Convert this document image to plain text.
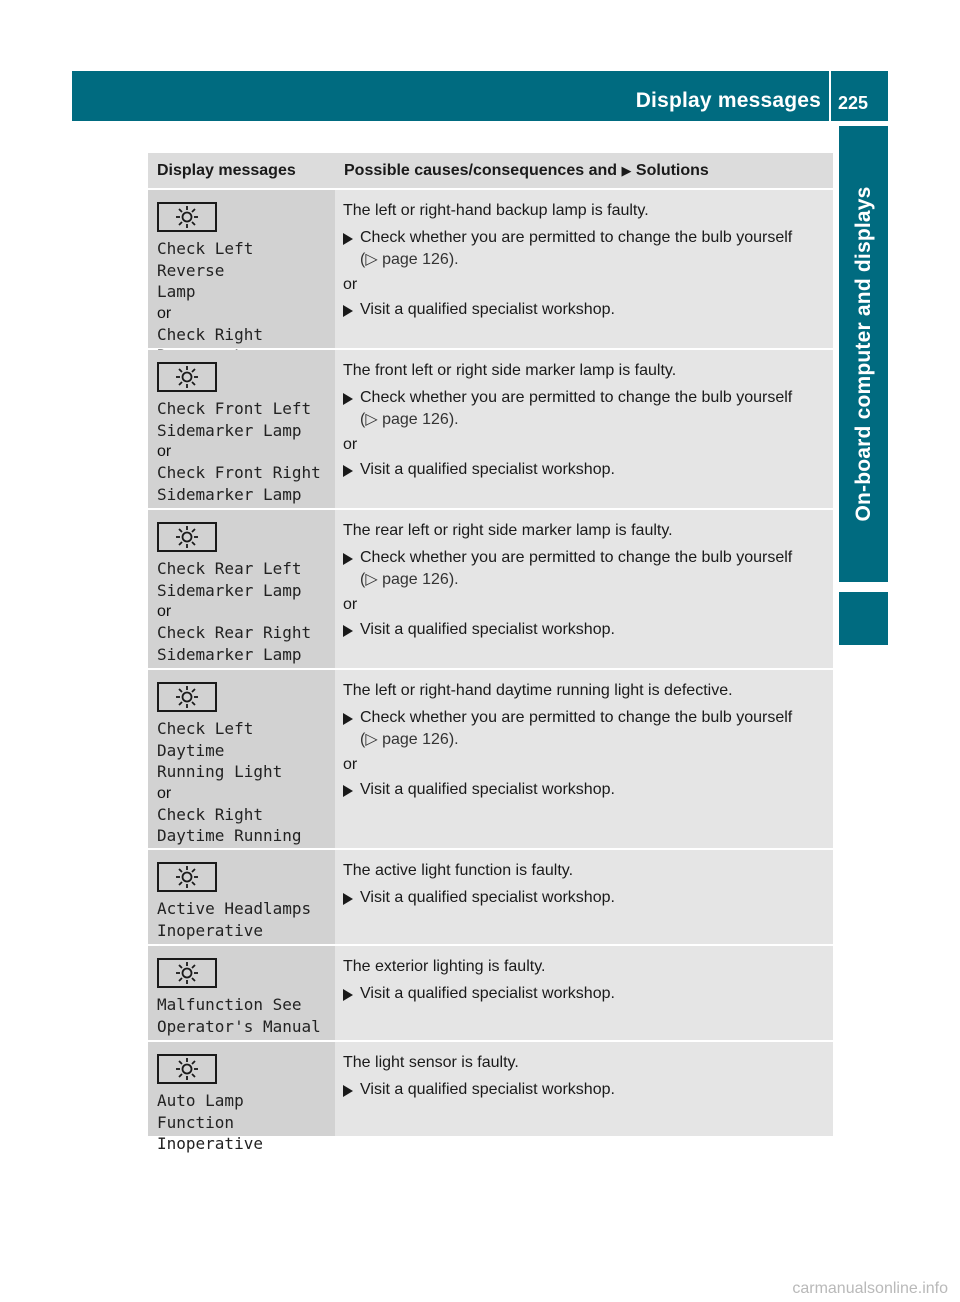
Display messages 225
On-board computer and displays
Display messages	Possible causes/consequences and ▶ Solutions
Check Left Reverse
Lamp
or
Check Right

The left or right-hand backup lamp is faulty.
Check whether you are permitted to change the bulb yourself
(▷ page 126).
or
Visit a qualified specialist workshop.
Check Front Left
Sidemarker Lamp
or
Check Front Right
Sidemarker Lamp
The front left or right side marker lamp is faulty.
Check whether you are permitted to change the bulb yourself
(▷ page 126).
or
Visit a qualified specialist workshop.
Check Rear Left
Sidemarker Lamp
or
Check Rear Right
Sidemarker Lamp
The rear left or right side marker lamp is faulty.
Check whether you are permitted to change the bulb yourself
(▷ page 126).
or
Visit a qualified specialist workshop.
Check Left Daytime
Running Light
or
Check Right
Daytime Running

The left or right-hand daytime running light is defective.
Check whether you are permitted to change the bulb yourself
(▷ page 126).
or
Visit a qualified specialist workshop.
Active Headlamps
Inoperative
The active light function is faulty.
Visit a qualified specialist workshop.
Malfunction See
Operator's Manual
The exterior lighting is faulty.
Visit a qualified specialist workshop.
Auto Lamp Function
Inoperative
The light sensor is faulty.
Visit a qualified specialist workshop.
carmanualsonline.info
